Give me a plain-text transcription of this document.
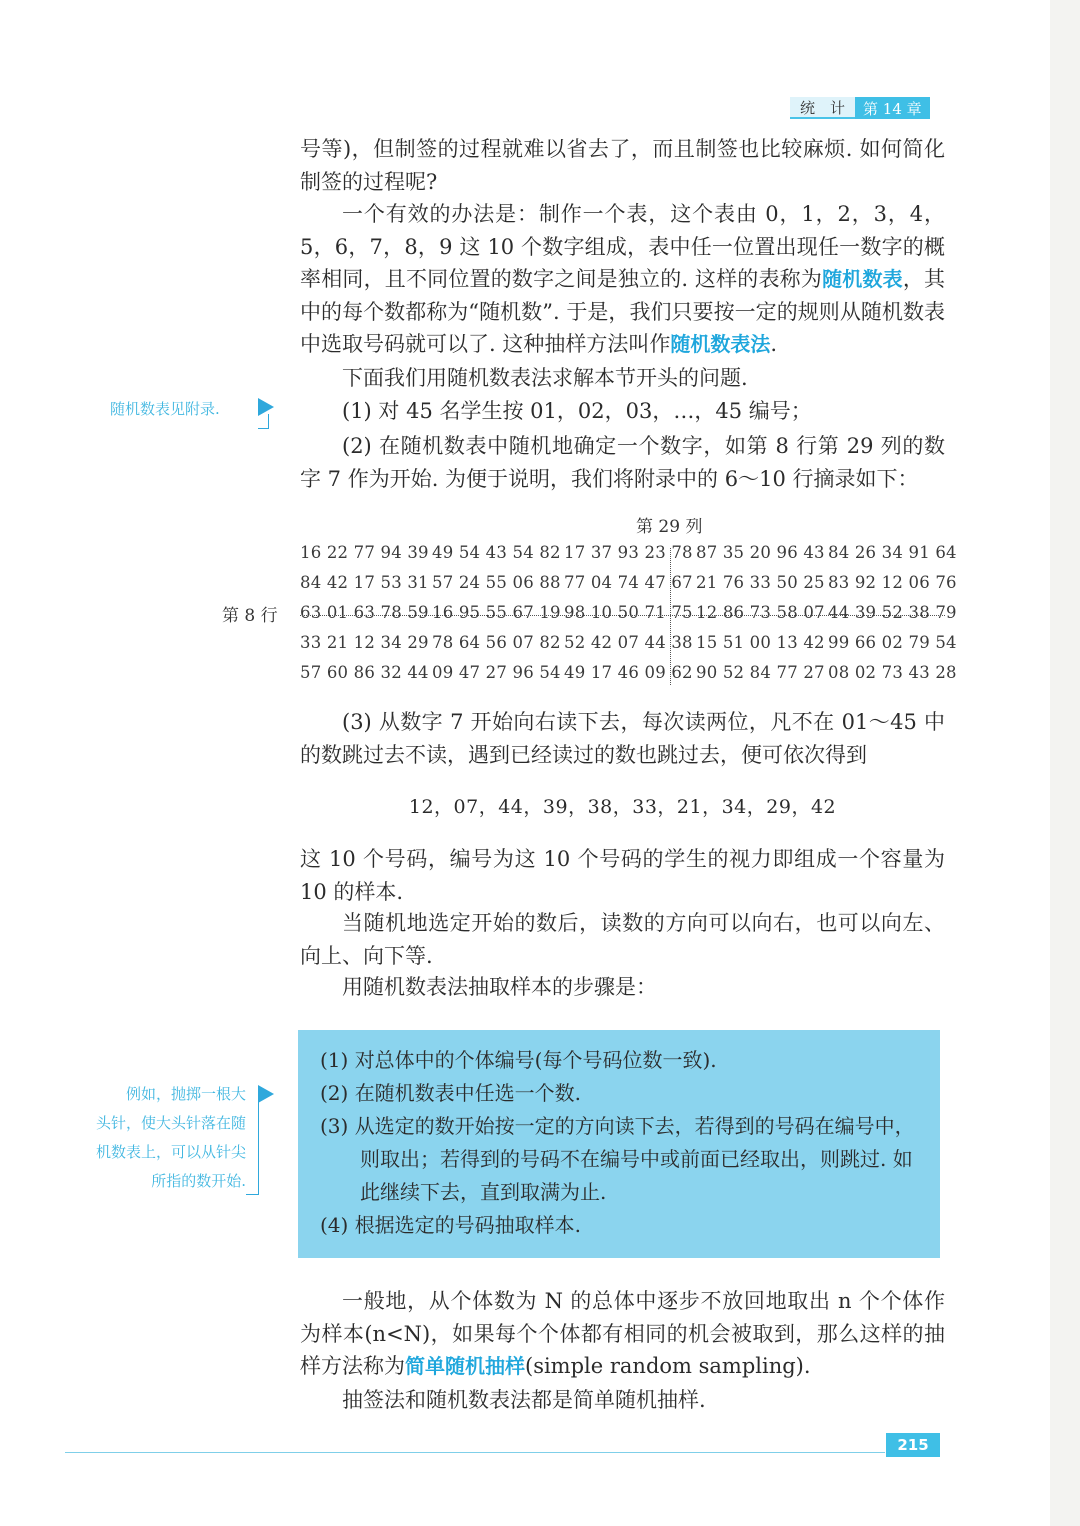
统　计	第 14 章

号等)，但制签的过程就难以省去了，而且制签也比较麻烦. 如何简化制签的过程呢?

一个有效的办法是：制作一个表，这个表由 0，1，2，3，4，5，6，7，8，9 这 10 个数字组成，表中任一位置出现任一数字的概率相同，且不同位置的数字之间是独立的. 这样的表称为随机数表，其中的每个数都称为“随机数”. 于是，我们只要按一定的规则从随机数表中选取号码就可以了. 这种抽样方法叫作随机数表法.

下面我们用随机数表法求解本节开头的问题.

(1) 对 45 名学生按 01，02，03，…，45 编号；

(2) 在随机数表中随机地确定一个数字，如第 8 行第 29 列的数字 7 作为开始. 为便于说明，我们将附录中的 6～10 行摘录如下：

随机数表见附录.
第 29 列
16 22 77 94 39 49 54 43 54 82 17 37 93 23 78 87 35 20 96 43 84 26 34 91 64
84 42 17 53 31 57 24 55 06 88 77 04 74 47 67 21 76 33 50 25 83 92 12 06 76
第 8 行 63 01 63 78 59 16 95 55 67 19 98 10 50 71 75 12 86 73 58 07 44 39 52 38 79
33 21 12 34 29 78 64 56 07 82 52 42 07 44 38 15 51 00 13 42 99 66 02 79 54
57 60 86 32 44 09 47 27 96 54 49 17 46 09 62 90 52 84 77 27 08 02 73 43 28

(3) 从数字 7 开始向右读下去，每次读两位，凡不在 01～45 中的数跳过去不读，遇到已经读过的数也跳过去，便可依次得到

12，07，44，39，38，33，21，34，29，42

这 10 个号码，编号为这 10 个号码的学生的视力即组成一个容量为 10 的样本.

当随机地选定开始的数后，读数的方向可以向右，也可以向左、向上、向下等.

用随机数表法抽取样本的步骤是：

(1) 对总体中的个体编号(每个号码位数一致).
(2) 在随机数表中任选一个数.
(3) 从选定的数开始按一定的方向读下去，若得到的号码在编号中，则取出；若得到的号码不在编号中或前面已经取出，则跳过. 如此继续下去，直到取满为止.
(4) 根据选定的号码抽取样本.
例如，抛掷一根大
头针，使大头针落在随
机数表上，可以从针尖
所指的数开始.

一般地，从个体数为 N 的总体中逐步不放回地取出 n 个个体作为样本(n<N)，如果每个个体都有相同的机会被取到，那么这样的抽样方法称为简单随机抽样(simple random sampling).

抽签法和随机数表法都是简单随机抽样.

215
